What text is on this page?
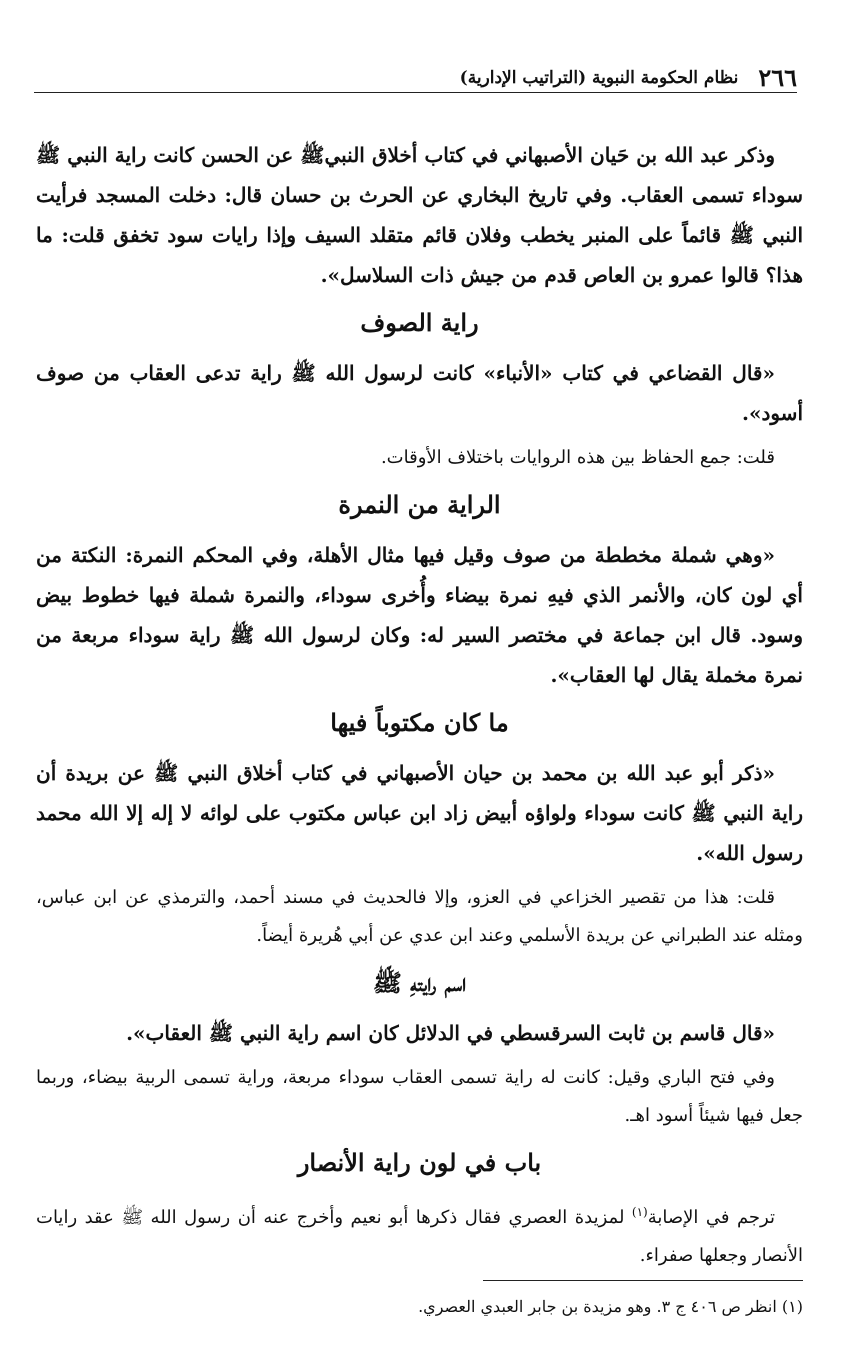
٢٦٦
نظام الحكومة النبوية (التراتيب الإدارية)

وذكر عبد الله بن حَيان الأصبهاني في كتاب أخلاق النبيﷺ عن الحسن كانت راية النبي ﷺ سوداء تسمى العقاب. وفي تاريخ البخاري عن الحرث بن حسان قال: دخلت المسجد فرأيت النبي ﷺ قائماً على المنبر يخطب وفلان قائم متقلد السيف وإذا رايات سود تخفق قلت: ما هذا؟ قالوا عمرو بن العاص قدم من جيش ذات السلاسل».

راية الصوف

«قال القضاعي في كتاب «الأنباء» كانت لرسول الله ﷺ راية تدعى العقاب من صوف أسود».

قلت: جمع الحفاظ بين هذه الروايات باختلاف الأوقات.

الراية من النمرة

«وهي شملة مخططة من صوف وقيل فيها مثال الأهلة، وفي المحكم النمرة: النكتة من أي لون كان، والأنمر الذي فيهِ نمرة بيضاء وأُخرى سوداء، والنمرة شملة فيها خطوط بيض وسود. قال ابن جماعة في مختصر السير له: وكان لرسول الله ﷺ راية سوداء مربعة من نمرة مخملة يقال لها العقاب».

ما كان مكتوباً فيها

«ذكر أبو عبد الله بن محمد بن حيان الأصبهاني في كتاب أخلاق النبي ﷺ عن بريدة أن راية النبي ﷺ كانت سوداء ولواؤه أبيض زاد ابن عباس مكتوب على لوائه لا إله إلا الله محمد رسول الله».

قلت: هذا من تقصير الخزاعي في العزو، وإلا فالحديث في مسند أحمد، والترمذي عن ابن عباس، ومثله عند الطبراني عن بريدة الأسلمي وعند ابن عدي عن أبي هُريرة أيضاً.

اسم رايتهِ ﷺ

«قال قاسم بن ثابت السرقسطي في الدلائل كان اسم راية النبي ﷺ العقاب».

وفي فتح الباري وقيل: كانت له راية تسمى العقاب سوداء مربعة، وراية تسمى الربية بيضاء، وربما جعل فيها شيئاً أسود اهـ.

باب في لون راية الأنصار

ترجم في الإصابة$^{(١)}$ لمزيدة العصري فقال ذكرها أبو نعيم وأخرج عنه أن رسول الله ﷺ عقد رايات الأنصار وجعلها صفراء.

(١) انظر ص ٤٠٦ ج ٣. وهو مزيدة بن جابر العبدي العصري.
